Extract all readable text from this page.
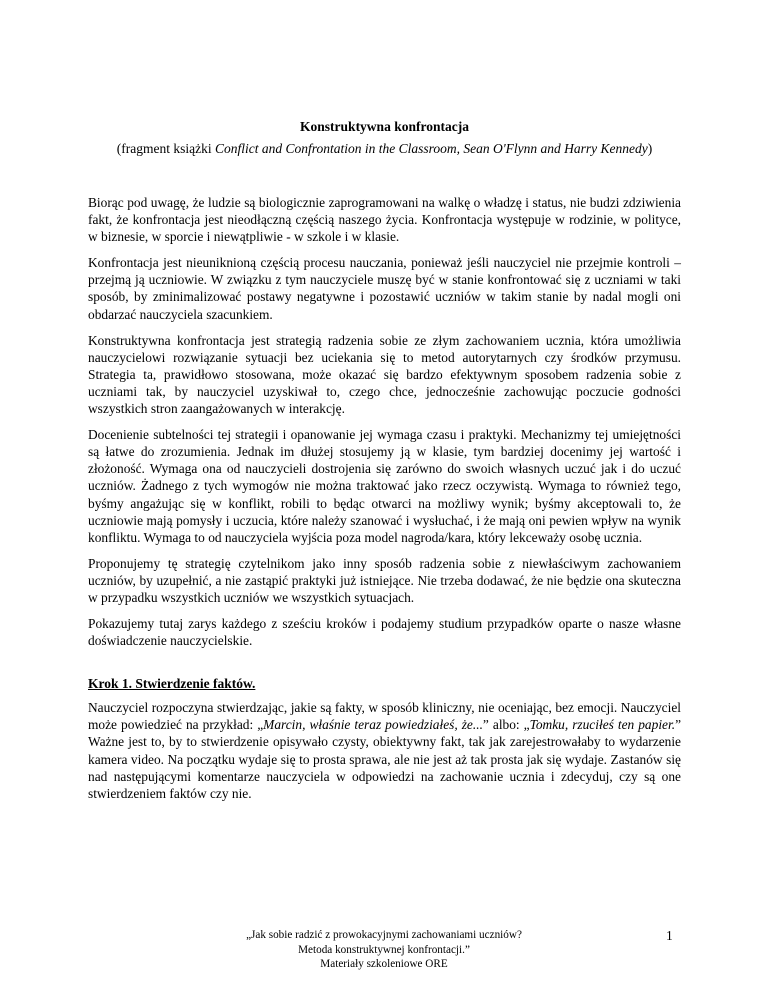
Konstruktywna konfrontacja
(fragment książki Conflict and Confrontation in the Classroom, Sean O'Flynn and Harry Kennedy)

Biorąc pod uwagę, że ludzie są biologicznie zaprogramowani na walkę o władzę i status, nie budzi zdziwienia fakt, że konfrontacja jest nieodłączną częścią naszego życia. Konfrontacja występuje w rodzinie, w polityce, w biznesie, w sporcie i niewątpliwie - w szkole i w klasie.

Konfrontacja jest nieuniknioną częścią procesu nauczania, ponieważ jeśli nauczyciel nie przejmie kontroli – przejmą ją uczniowie. W związku z tym nauczyciele muszę być w stanie konfrontować się z uczniami w taki sposób, by zminimalizować postawy negatywne i pozostawić uczniów w takim stanie by nadal mogli oni obdarzać nauczyciela szacunkiem.

Konstruktywna konfrontacja jest strategią radzenia sobie ze złym zachowaniem ucznia, która umożliwia nauczycielowi rozwiązanie sytuacji bez uciekania się to metod autorytarnych czy środków przymusu. Strategia ta, prawidłowo stosowana, może okazać się bardzo efektywnym sposobem radzenia sobie z uczniami tak, by nauczyciel uzyskiwał to, czego chce, jednocześnie zachowując poczucie godności wszystkich stron zaangażowanych w interakcję.

Docenienie subtelności tej strategii i opanowanie jej wymaga czasu i praktyki. Mechanizmy tej umiejętności są łatwe do zrozumienia. Jednak im dłużej stosujemy ją w klasie, tym bardziej docenimy jej wartość i złożoność. Wymaga ona od nauczycieli dostrojenia się zarówno do swoich własnych uczuć jak i do uczuć uczniów. Żadnego z tych wymogów nie można traktować jako rzecz oczywistą. Wymaga to również tego, byśmy angażując się w konflikt, robili to będąc otwarci na możliwy wynik; byśmy akceptowali to, że uczniowie mają pomysły i uczucia, które należy szanować i wysłuchać, i że mają oni pewien wpływ na wynik konfliktu. Wymaga to od nauczyciela wyjścia poza model nagroda/kara, który lekceważy osobę ucznia.

Proponujemy tę strategię czytelnikom jako inny sposób radzenia sobie z niewłaściwym zachowaniem uczniów, by uzupełnić, a nie zastąpić praktyki już istniejące. Nie trzeba dodawać, że nie będzie ona skuteczna w przypadku wszystkich uczniów we wszystkich sytuacjach.

Pokazujemy tutaj zarys każdego z sześciu kroków i podajemy studium przypadków oparte o nasze własne doświadczenie nauczycielskie.

Krok 1. Stwierdzenie faktów.

Nauczyciel rozpoczyna stwierdzając, jakie są fakty, w sposób kliniczny, nie oceniając, bez emocji. Nauczyciel może powiedzieć na przykład: „Marcin, właśnie teraz powiedziałeś, że...” albo: „Tomku, rzuciłeś ten papier.” Ważne jest to, by to stwierdzenie opisywało czysty, obiektywny fakt, tak jak zarejestrowałaby to wydarzenie kamera video. Na początku wydaje się to prosta sprawa, ale nie jest aż tak prosta jak się wydaje. Zastanów się nad następującymi komentarze nauczyciela w odpowiedzi na zachowanie ucznia i zdecyduj, czy są one stwierdzeniem faktów czy nie.

„Jak sobie radzić z prowokacyjnymi zachowaniami uczniów?
Metoda konstruktywnej konfrontacji.”
Materiały szkoleniowe ORE
1
